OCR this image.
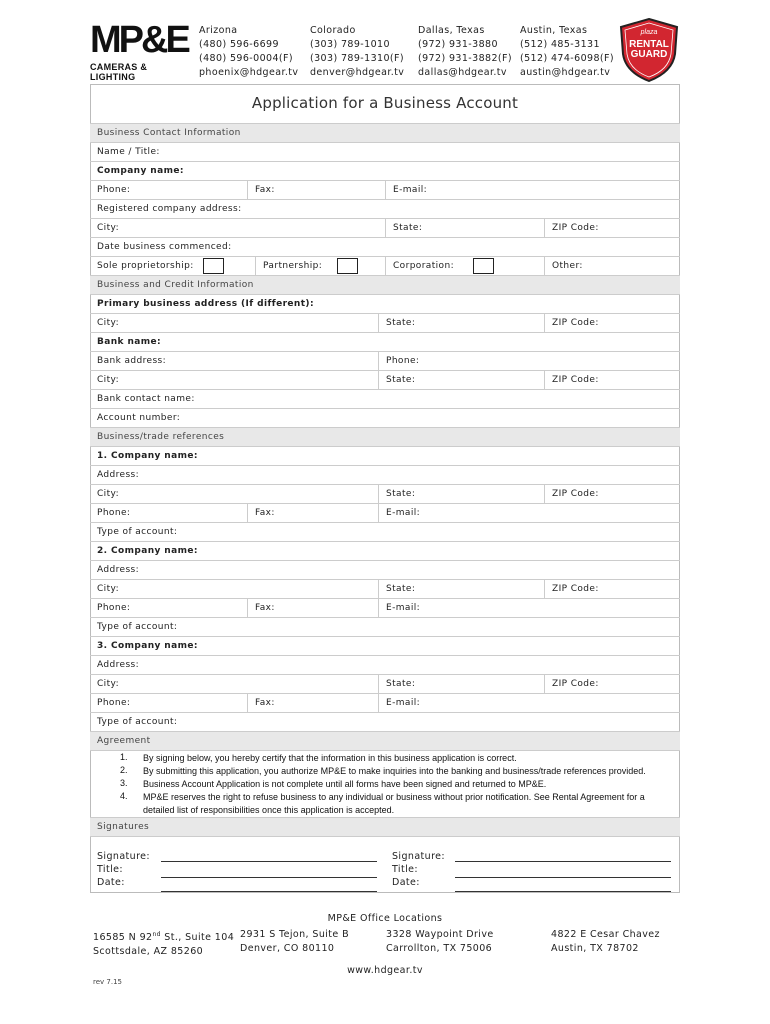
MP&E
CAMERAS & LIGHTING
Arizona
(480) 596-6699
(480) 596-0004(F)
phoenix@hdgear.tv
Colorado
(303) 789-1010
(303) 789-1310(F)
denver@hdgear.tv
Dallas, Texas
(972) 931-3880
(972) 931-3882(F)
dallas@hdgear.tv
Austin, Texas
(512) 485-3131
(512) 474-6098(F)
austin@hdgear.tv
plaza
RENTAL
GUARD
Application for a Business Account
Business Contact Information
Name / Title:
Company name:
Phone:	Fax:	E-mail:
Registered company address:
City:	State:	ZIP Code:
Date business commenced:
Sole proprietorship:	Partnership:	Corporation:	Other:
Business and Credit Information
Primary business address (If different):
City:	State:	ZIP Code:
Bank name:
Bank address:	Phone:
City:	State:	ZIP Code:
Bank contact name:
Account number:
Business/trade references
1. Company name:
Address:
City:	State:	ZIP Code:
Phone:	Fax:	E-mail:
Type of account:
2. Company name:
Address:
City:	State:	ZIP Code:
Phone:	Fax:	E-mail:
Type of account:
3. Company name:
Address:
City:	State:	ZIP Code:
Phone:	Fax:	E-mail:
Type of account:
Agreement
1. By signing below, you hereby certify that the information in this business application is correct.
2. By submitting this application, you authorize MP&E to make inquiries into the banking and business/trade references provided.
3. Business Account Application is not complete until all forms have been signed and returned to MP&E.
4. MP&E reserves the right to refuse business to any individual or business without prior notification. See Rental Agreement for a detailed list of responsibilities once this application is accepted.
Signatures
Signature:
Title:
Date:
Signature:
Title:
Date:
MP&E Office Locations
16585 N 92nd St., Suite 104
Scottsdale, AZ 85260
2931 S Tejon, Suite B
Denver, CO 80110
3328 Waypoint Drive
Carrollton, TX 75006
4822 E Cesar Chavez
Austin, TX 78702
www.hdgear.tv
rev 7.15
